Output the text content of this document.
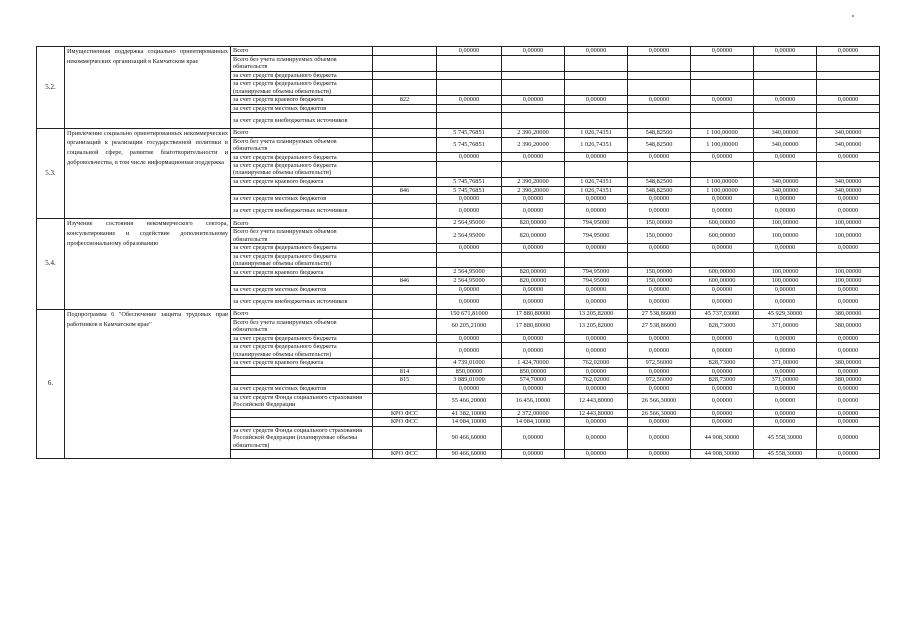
5.2.	Имущественная поддержка социально ориентированных некоммерческих организаций в Камчатском крае	Всего		0,00000	0,00000	0,00000	0,00000	0,00000	0,00000	0,00000
		Всего без учета планируемых объемов обязательств								
		за счет средств федерального бюджета								
		за счет средств федерального бюджета (планируемые объемы обязательств)								
		за счет средств краевого бюджета	822	0,00000	0,00000	0,00000	0,00000	0,00000	0,00000	0,00000
		за счет средств местных бюджетов								
		за счет средств внебюджетных источников								
5.3.	Привлечение социально ориентированных некоммерческих организаций к реализации государственной политики в социальной сфере, развитие благотворительности и добровольчества, в том числе информационная поддержка	Всего		5 745,76851	2 390,20000	1 026,74351	548,82500	1 100,00000	340,00000	340,00000
		Всего без учета планируемых объемов обязательств		5 745,76851	2 390,20000	1 026,74351	548,82500	1 100,00000	340,00000	340,00000
		за счет средств федерального бюджета		0,00000	0,00000	0,00000	0,00000	0,00000	0,00000	0,00000
		за счет средств федерального бюджета (планируемые объемы обязательств)								
		за счет средств краевого бюджета		5 745,76851	2 390,20000	1 026,74351	548,82500	1 100,00000	340,00000	340,00000
			846	5 745,76851	2 390,20000	1 026,74351	548,82500	1 100,00000	340,00000	340,00000
		за счет средств местных бюджетов		0,00000	0,00000	0,00000	0,00000	0,00000	0,00000	0,00000
		за счет средств внебюджетных источников		0,00000	0,00000	0,00000	0,00000	0,00000	0,00000	0,00000
5.4.	Изучение состояния некоммерческого сектора, консультирование и содействие дополнительному профессиональному образованию	Всего		2 564,95000	820,00000	794,95000	150,00000	600,00000	100,00000	100,00000
		Всего без учета планируемых объемов обязательств		2 564,95000	820,00000	794,95000	150,00000	600,00000	100,00000	100,00000
		за счет средств федерального бюджета		0,00000	0,00000	0,00000	0,00000	0,00000	0,00000	0,00000
		за счет средств федерального бюджета (планируемые объемы обязательств)								
		за счет средств краевого бюджета		2 564,95000	820,00000	794,95000	150,00000	600,00000	100,00000	100,00000
			846	2 564,95000	820,00000	794,95000	150,00000	600,00000	100,00000	100,00000
		за счет средств местных бюджетов		0,00000	0,00000	0,00000	0,00000	0,00000	0,00000	0,00000
		за счет средств внебюджетных источников		0,00000	0,00000	0,00000	0,00000	0,00000	0,00000	0,00000
6.	Подпрограмма 6 "Обеспечение защиты трудовых прав работников в Камчатском крае"	Всего		150 671,81000	17 880,80000	13 205,82000	27 538,86000	45 737,03000	45 929,30000	380,00000
		Всего без учета планируемых объемов обязательств		60 205,21000	17 880,80000	13 205,82000	27 538,86000	828,73000	371,00000	380,00000
		за счет средств федерального бюджета		0,00000	0,00000	0,00000	0,00000	0,00000	0,00000	0,00000
		за счет средств федерального бюджета (планируемые объемы обязательств)		0,00000	0,00000	0,00000	0,00000	0,00000	0,00000	0,00000
		за счет средств краевого бюджета		4 739,01000	1 424,70000	762,02000	972,56000	828,73000	371,00000	380,00000
			814	850,00000	850,00000	0,00000	0,00000	0,00000	0,00000	0,00000
			815	3 889,01000	574,70000	762,02000	972,56000	828,73000	371,00000	380,00000
		за счет средств местных бюджетов		0,00000	0,00000	0,00000	0,00000	0,00000	0,00000	0,00000
		за счет средств Фонда социального страхования Российской Федерации		55 466,20000	16 456,10000	12 443,80000	26 566,30000	0,00000	0,00000	0,00000
			КРО ФСС	41 382,10000	2 372,00000	12 443,80000	26 566,30000	0,00000	0,00000	0,00000
			КРО ФСС	14 084,10000	14 084,10000	0,00000	0,00000	0,00000	0,00000	0,00000
		за счет средств Фонда социального страхования Российской Федерации (планируемые объемы обязательств)		90 466,60000	0,00000	0,00000	0,00000	44 908,30000	45 558,30000	0,00000
			КРО ФСС	90 466,60000	0,00000	0,00000	0,00000	44 908,30000	45 558,30000	0,00000
